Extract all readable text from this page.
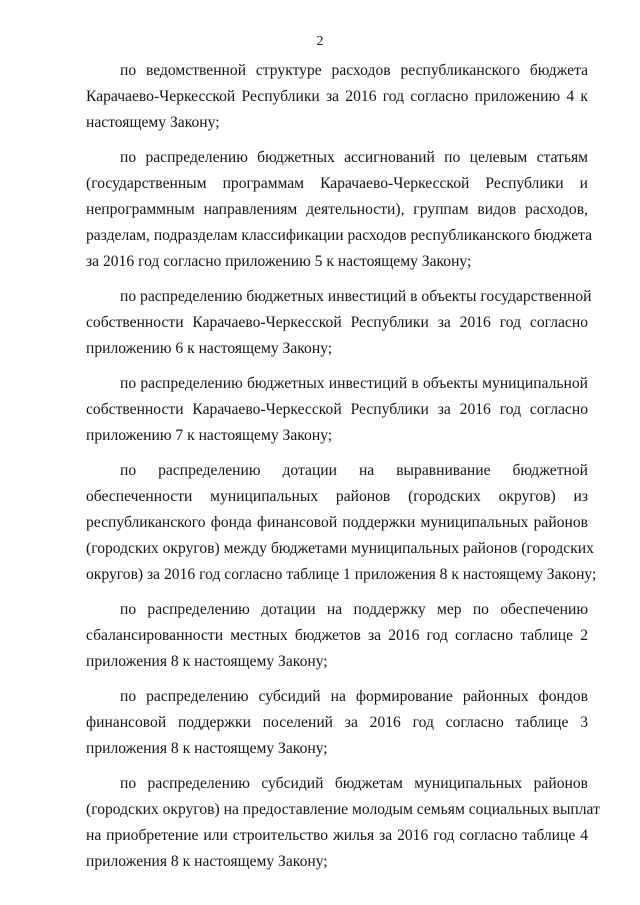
2

по ведомственной структуре расходов республиканского бюджета
Карачаево-Черкесской Республики за 2016 год согласно приложению 4 к
настоящему Закону;

по распределению бюджетных ассигнований по целевым статьям
(государственным программам Карачаево-Черкесской Республики и
непрограммным направлениям деятельности), группам видов расходов,
разделам, подразделам классификации расходов республиканского бюджета
за 2016 год согласно приложению 5 к настоящему Закону;

по распределению бюджетных инвестиций в объекты государственной
собственности Карачаево-Черкесской Республики за 2016 год согласно
приложению 6 к настоящему Закону;

по распределению бюджетных инвестиций в объекты муниципальной
собственности Карачаево-Черкесской Республики за 2016 год согласно
приложению 7 к настоящему Закону;

по распределению дотации на выравнивание бюджетной
обеспеченности муниципальных районов (городских округов) из
республиканского фонда финансовой поддержки муниципальных районов
(городских округов) между бюджетами муниципальных районов (городских
округов) за 2016 год согласно таблице 1 приложения 8 к настоящему Закону;

по распределению дотации на поддержку мер по обеспечению
сбалансированности местных бюджетов за 2016 год согласно таблице 2
приложения 8 к настоящему Закону;

по распределению субсидий на формирование районных фондов
финансовой поддержки поселений за 2016 год согласно таблице 3
приложения 8 к настоящему Закону;

по распределению субсидий бюджетам муниципальных районов
(городских округов) на предоставление молодым семьям социальных выплат
на приобретение или строительство жилья за 2016 год согласно таблице 4
приложения 8 к настоящему Закону;
